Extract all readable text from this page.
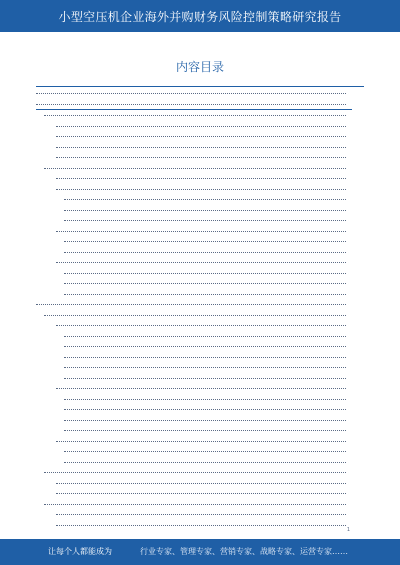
小型空压机企业海外并购财务风险控制策略研究报告
内容目录
1
让每个人都能成为	行业专家、管理专家、营销专家、战略专家、运营专家……
